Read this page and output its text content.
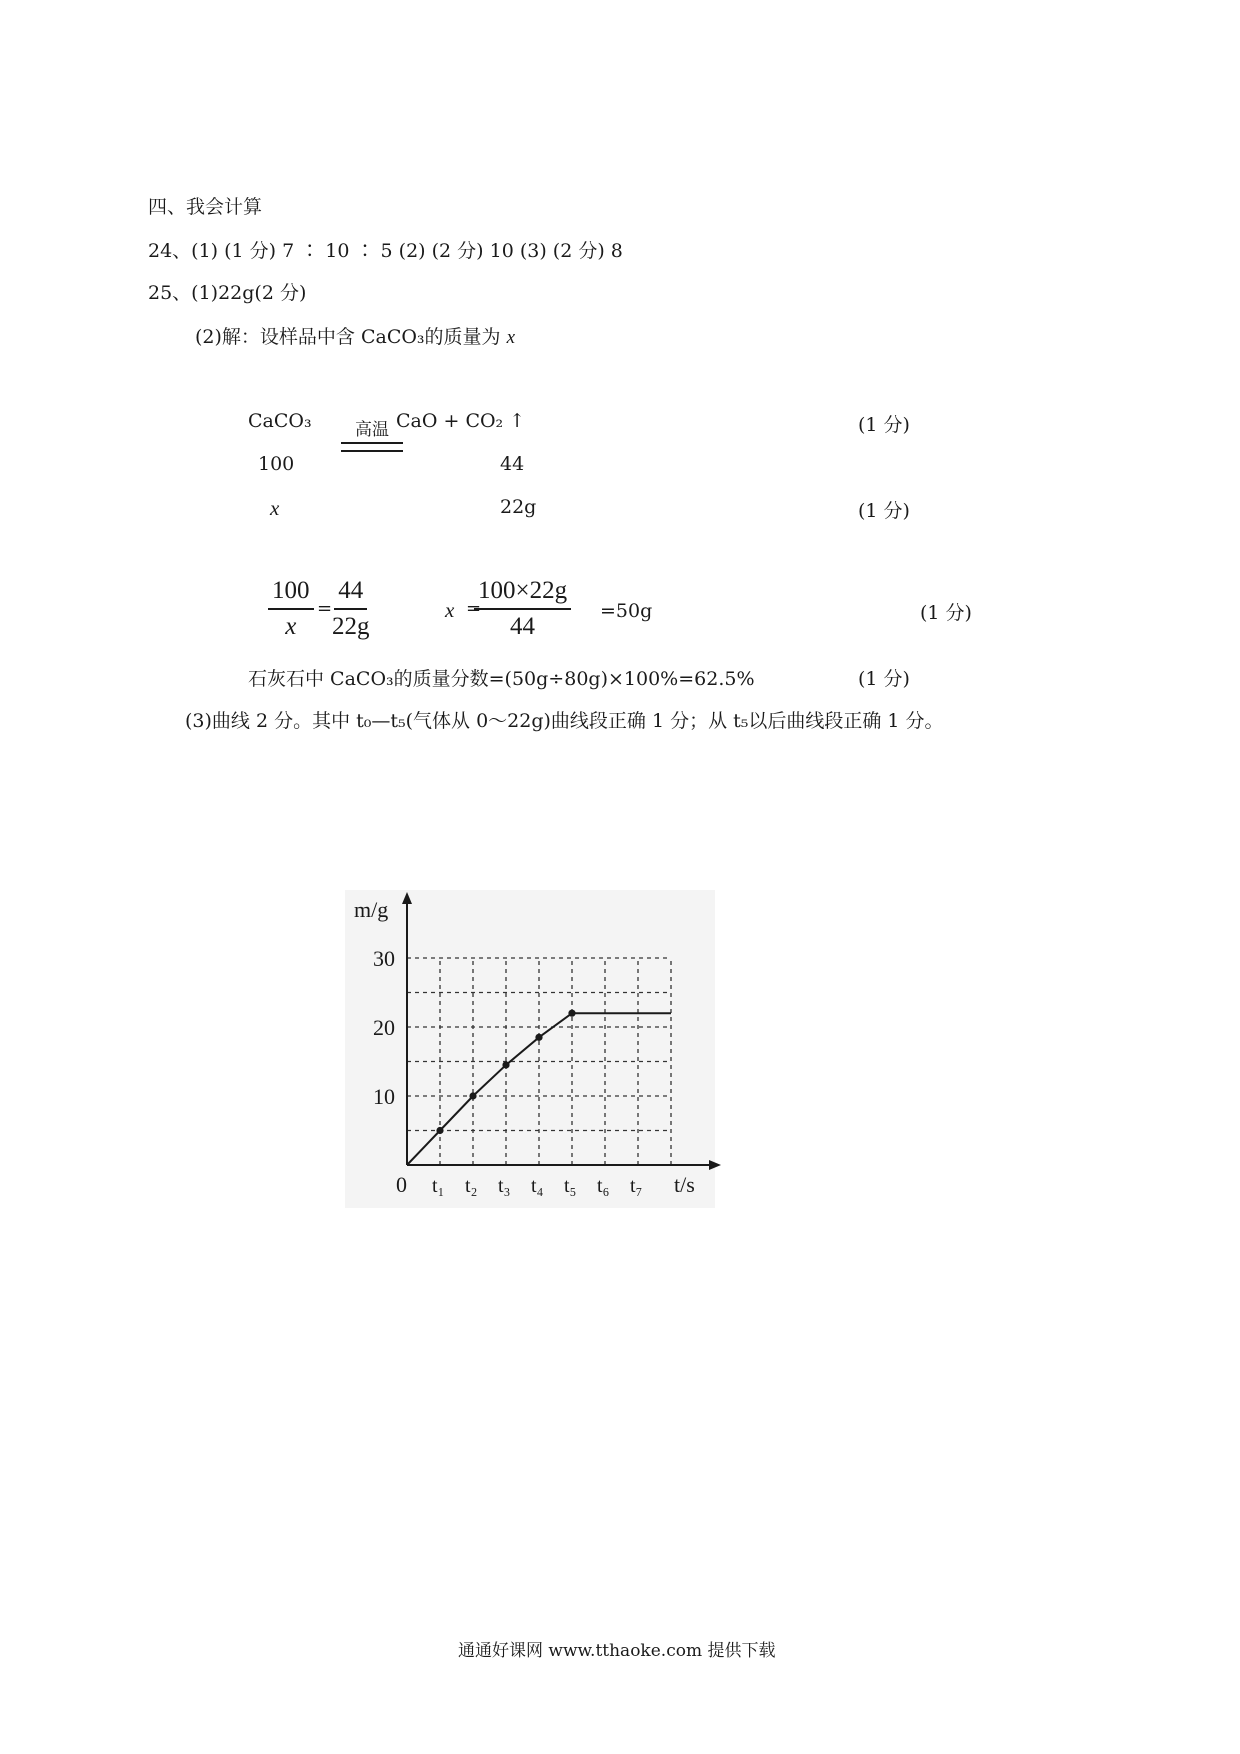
四、我会计算
24、(1) (1 分) 7 ∶ 10 ∶ 5 (2) (2 分) 10 (3) (2 分) 8
25、(1)22g(2 分)
(2)解：设样品中含 CaCO₃的质量为 x
CaCO₃	高温 CaO + CO₂ ↑	(1 分)
100	44
x	22g	(1 分)
$\frac{100}{x}$ =
$\frac{44}{22g}$	x =
$\frac{100\times 22g}{44} =50g$	(1 分)
石灰石中 CaCO₃的质量分数=(50g÷80g)×100%=62.5%	(1 分)
(3)曲线 2 分。其中 t₀—t₅(气体从 0～22g)曲线段正确 1 分；从 t₅以后曲线段正确 1 分。
t₁ t₂ t₃ t₄ t₅ t₆ t₇
10
20
30
m/g
t/s
0
通通好课网 www.tthaoke.com 提供下载
